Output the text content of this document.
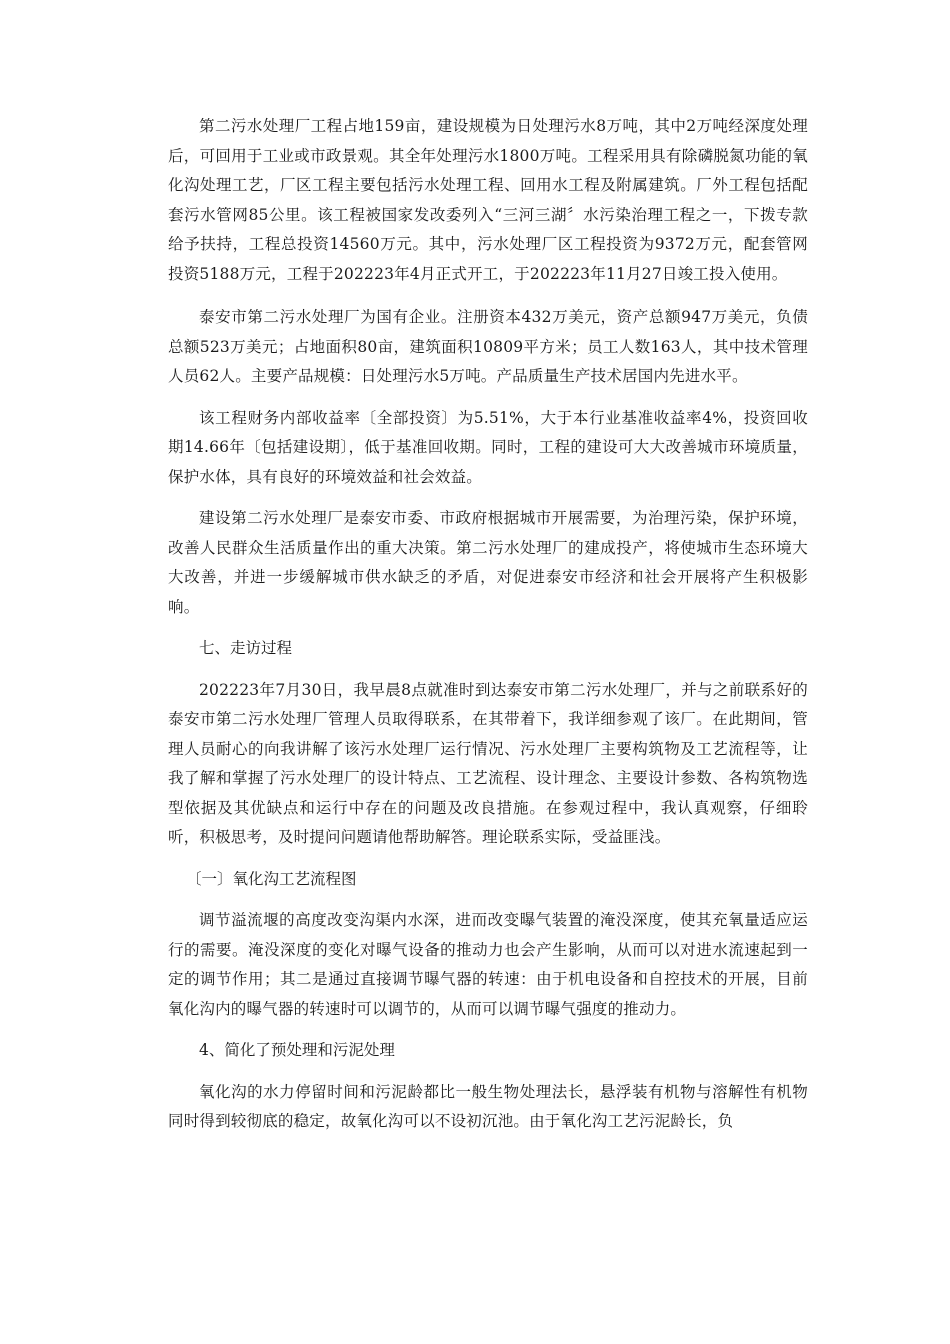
第二污水处理厂工程占地159亩，建设规模为日处理污水8万吨，其中2万吨经深度处理后，可回用于工业或市政景观。其全年处理污水1800万吨。工程采用具有除磷脱氮功能的氧化沟处理工艺，厂区工程主要包括污水处理工程、回用水工程及附属建筑。厂外工程包括配套污水管网85公里。该工程被国家发改委列入“三河三湖〞水污染治理工程之一，下拨专款给予扶持，工程总投资14560万元。其中，污水处理厂区工程投资为9372万元，配套管网投资5188万元，工程于202223年4月正式开工，于202223年11月27日竣工投入使用。

泰安市第二污水处理厂为国有企业。注册资本432万美元，资产总额947万美元，负债总额523万美元；占地面积80亩，建筑面积10809平方米；员工人数163人，其中技术管理人员62人。主要产品规模：日处理污水5万吨。产品质量生产技术居国内先进水平。

该工程财务内部收益率〔全部投资〕为5.51%，大于本行业基准收益率4%，投资回收期14.66年〔包括建设期〕，低于基准回收期。同时，工程的建设可大大改善城市环境质量，保护水体，具有良好的环境效益和社会效益。

建设第二污水处理厂是泰安市委、市政府根据城市开展需要，为治理污染，保护环境，改善人民群众生活质量作出的重大决策。第二污水处理厂的建成投产，将使城市生态环境大大改善，并进一步缓解城市供水缺乏的矛盾，对促进泰安市经济和社会开展将产生积极影响。

七、走访过程

202223年7月30日，我早晨8点就准时到达泰安市第二污水处理厂，并与之前联系好的泰安市第二污水处理厂管理人员取得联系，在其带着下，我详细参观了该厂。在此期间，管理人员耐心的向我讲解了该污水处理厂运行情况、污水处理厂主要构筑物及工艺流程等，让我了解和掌握了污水处理厂的设计特点、工艺流程、设计理念、主要设计参数、各构筑物选型依据及其优缺点和运行中存在的问题及改良措施。在参观过程中，我认真观察，仔细聆听，积极思考，及时提问问题请他帮助解答。理论联系实际，受益匪浅。

〔一〕氧化沟工艺流程图

调节溢流堰的高度改变沟渠内水深，进而改变曝气装置的淹没深度，使其充氧量适应运行的需要。淹没深度的变化对曝气设备的推动力也会产生影响，从而可以对进水流速起到一定的调节作用；其二是通过直接调节曝气器的转速：由于机电设备和自控技术的开展，目前氧化沟内的曝气器的转速时可以调节的，从而可以调节曝气强度的推动力。

4、简化了预处理和污泥处理

氧化沟的水力停留时间和污泥龄都比一般生物处理法长，悬浮装有机物与溶解性有机物同时得到较彻底的稳定，故氧化沟可以不设初沉池。由于氧化沟工艺污泥龄长，负
